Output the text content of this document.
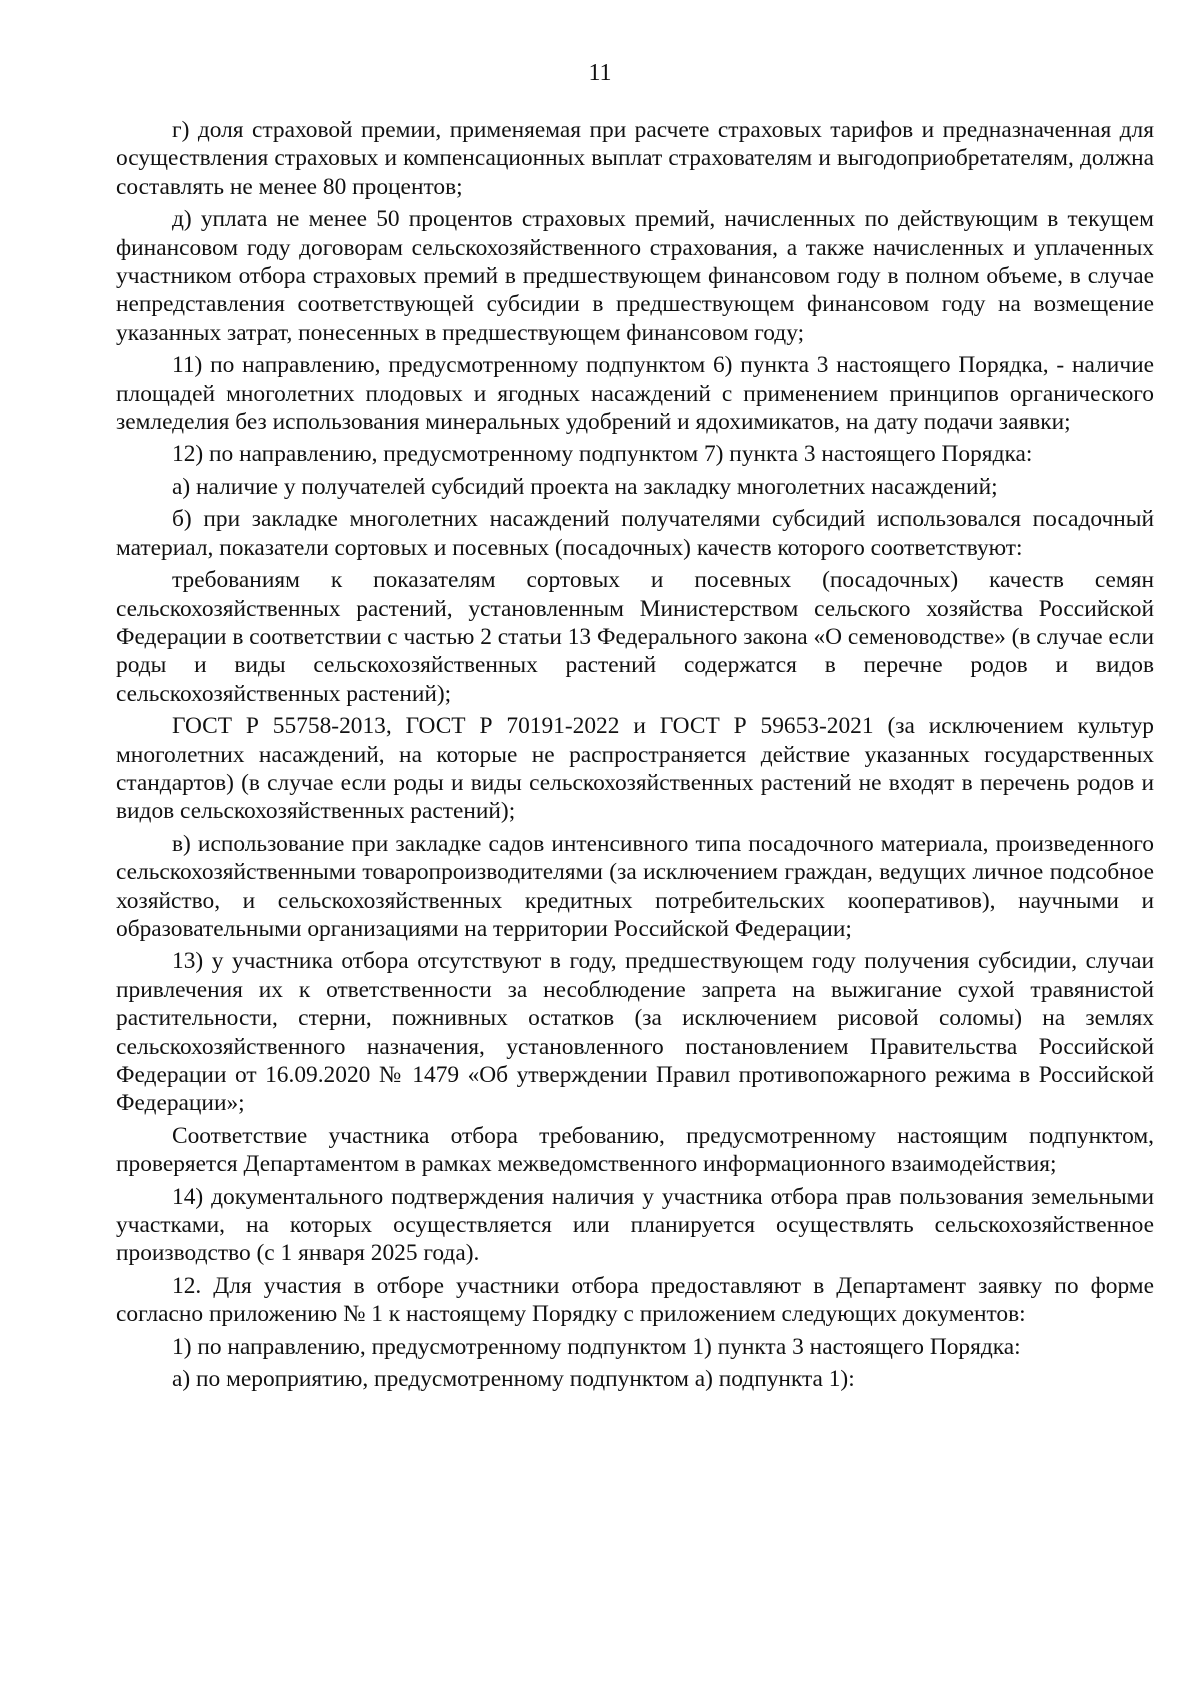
11

г) доля страховой премии, применяемая при расчете страховых тарифов и предназначенная для осуществления страховых и компенсационных выплат страхователям и выгодоприобретателям, должна составлять не менее 80 процентов;

д) уплата не менее 50 процентов страховых премий, начисленных по действующим в текущем финансовом году договорам сельскохозяйственного страхования, а также начисленных и уплаченных участником отбора страховых премий в предшествующем финансовом году в полном объеме, в случае непредставления соответствующей субсидии в предшествующем финансовом году на возмещение указанных затрат, понесенных в предшествующем финансовом году;

11) по направлению, предусмотренному подпунктом 6) пункта 3 настоящего Порядка, - наличие площадей многолетних плодовых и ягодных насаждений с применением принципов органического земледелия без использования минеральных удобрений и ядохимикатов, на дату подачи заявки;

12) по направлению, предусмотренному подпунктом 7) пункта 3 настоящего Порядка:

а) наличие у получателей субсидий проекта на закладку многолетних насаждений;

б) при закладке многолетних насаждений получателями субсидий использовался посадочный материал, показатели сортовых и посевных (посадочных) качеств которого соответствуют:

требованиям к показателям сортовых и посевных (посадочных) качеств семян сельскохозяйственных растений, установленным Министерством сельского хозяйства Российской Федерации в соответствии с частью 2 статьи 13 Федерального закона «О семеноводстве» (в случае если роды и виды сельскохозяйственных растений содержатся в перечне родов и видов сельскохозяйственных растений);

ГОСТ Р 55758-2013, ГОСТ Р 70191-2022 и ГОСТ Р 59653-2021 (за исключением культур многолетних насаждений, на которые не распространяется действие указанных государственных стандартов) (в случае если роды и виды сельскохозяйственных растений не входят в перечень родов и видов сельскохозяйственных растений);

в) использование при закладке садов интенсивного типа посадочного материала, произведенного сельскохозяйственными товаропроизводителями (за исключением граждан, ведущих личное подсобное хозяйство, и сельскохозяйственных кредитных потребительских кооперативов), научными и образовательными организациями на территории Российской Федерации;

13) у участника отбора отсутствуют в году, предшествующем году получения субсидии, случаи привлечения их к ответственности за несоблюдение запрета на выжигание сухой травянистой растительности, стерни, пожнивных остатков (за исключением рисовой соломы) на землях сельскохозяйственного назначения, установленного постановлением Правительства Российской Федерации от 16.09.2020 № 1479 «Об утверждении Правил противопожарного режима в Российской Федерации»;

Соответствие участника отбора требованию, предусмотренному настоящим подпунктом, проверяется Департаментом в рамках межведомственного информационного взаимодействия;

14) документального подтверждения наличия у участника отбора прав пользования земельными участками, на которых осуществляется или планируется осуществлять сельскохозяйственное производство (с 1 января 2025 года).

12. Для участия в отборе участники отбора предоставляют в Департамент заявку по форме согласно приложению № 1 к настоящему Порядку с приложением следующих документов:

1) по направлению, предусмотренному подпунктом 1) пункта 3 настоящего Порядка:

а) по мероприятию, предусмотренному подпунктом а) подпункта 1):
